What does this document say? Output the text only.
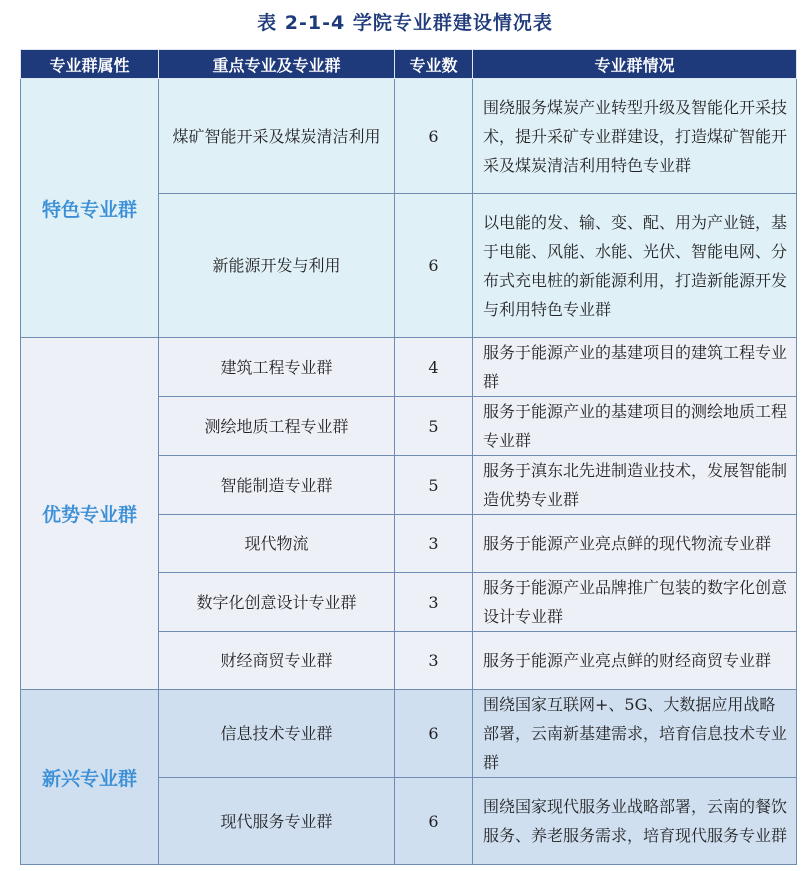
表 2-1-4 学院专业群建设情况表
专业群属性	重点专业及专业群	专业数	专业群情况
特色专业群	煤矿智能开采及煤炭清洁利用	6	围绕服务煤炭产业转型升级及智能化开采技术，提升采矿专业群建设，打造煤矿智能开采及煤炭清洁利用特色专业群
	新能源开发与利用	6	以电能的发、输、变、配、用为产业链，基于电能、风能、水能、光伏、智能电网、分布式充电桩的新能源利用，打造新能源开发与利用特色专业群
优势专业群	建筑工程专业群	4	服务于能源产业的基建项目的建筑工程专业群
	测绘地质工程专业群	5	服务于能源产业的基建项目的测绘地质工程专业群
	智能制造专业群	5	服务于滇东北先进制造业技术，发展智能制造优势专业群
	现代物流	3	服务于能源产业亮点鲜的现代物流专业群
	数字化创意设计专业群	3	服务于能源产业品牌推广包装的数字化创意设计专业群
	财经商贸专业群	3	服务于能源产业亮点鲜的财经商贸专业群
新兴专业群	信息技术专业群	6	围绕国家互联网+、5G、大数据应用战略部署，云南新基建需求，培育信息技术专业群
	现代服务专业群	6	围绕国家现代服务业战略部署，云南的餐饮服务、养老服务需求，培育现代服务专业群
